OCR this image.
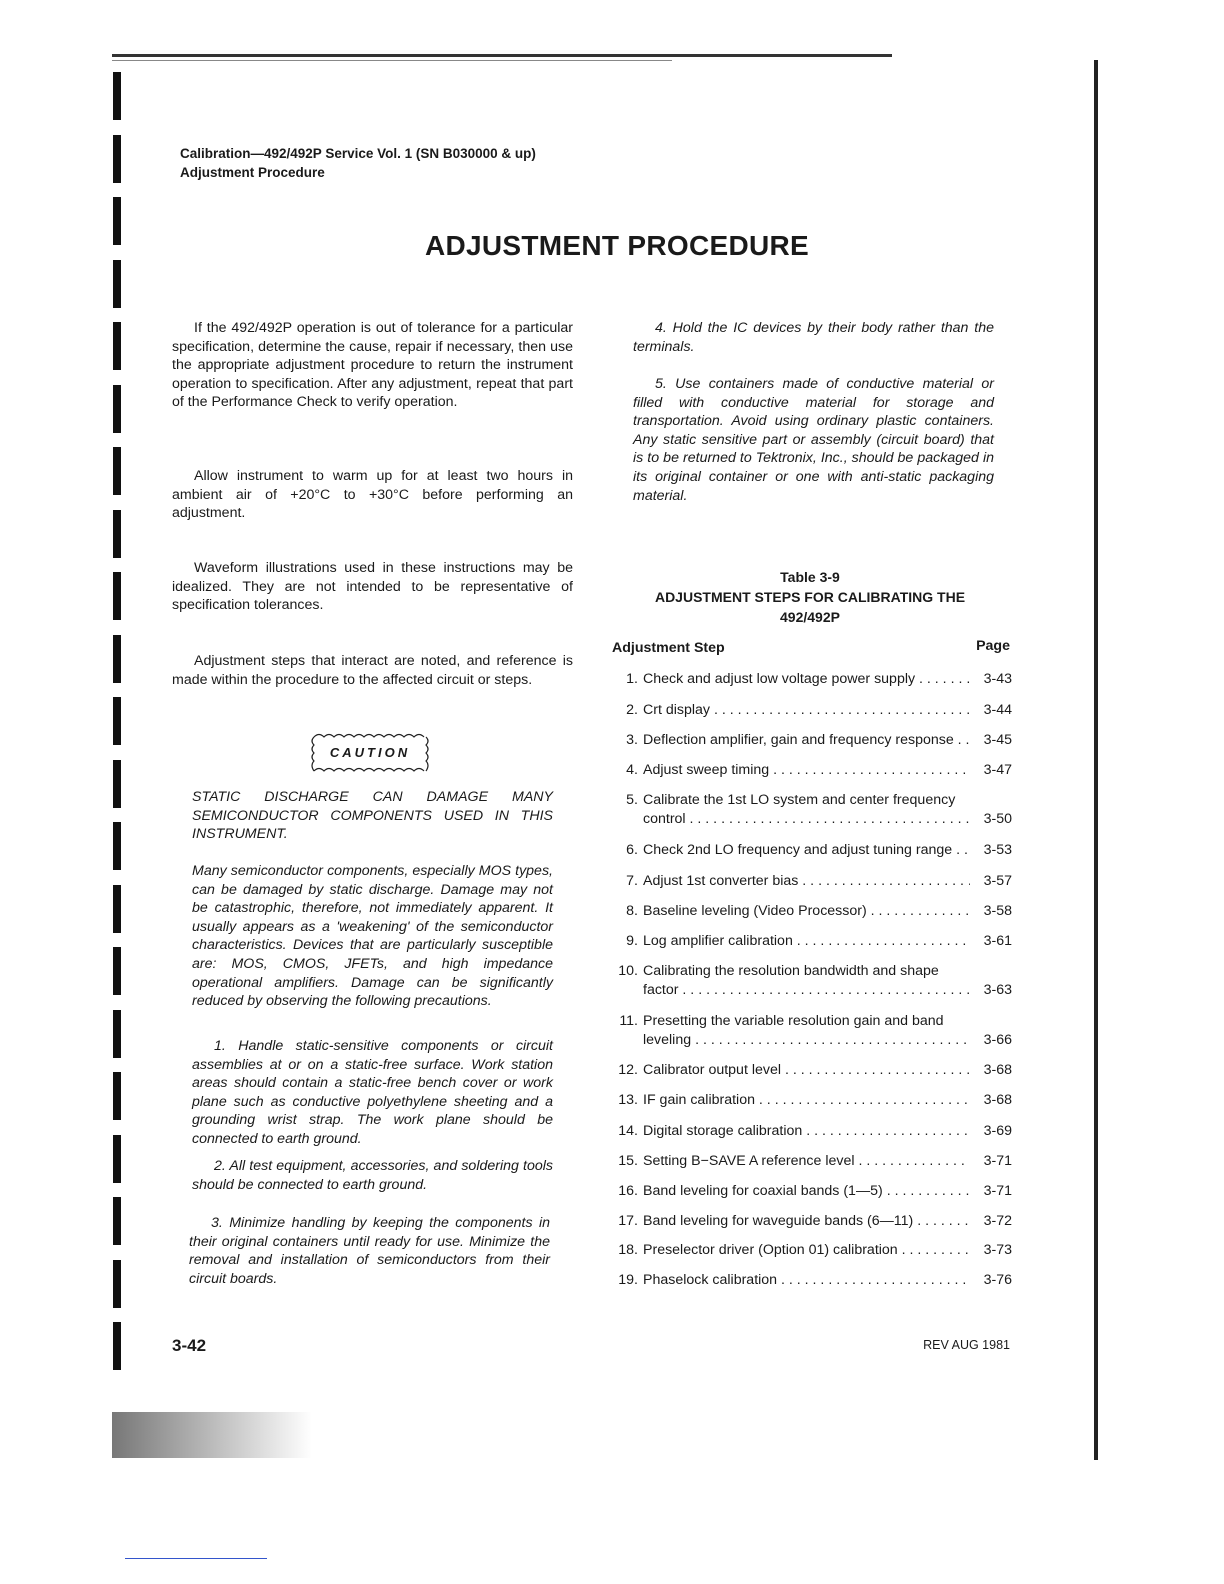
Calibration—492/492P Service Vol. 1 (SN B030000 & up)
Adjustment Procedure
ADJUSTMENT PROCEDURE
If the 492/492P operation is out of tolerance for a particular specification, determine the cause, repair if necessary, then use the appropriate adjustment procedure to return the instrument operation to specification. After any adjustment, repeat that part of the Performance Check to verify operation.
Allow instrument to warm up for at least two hours in ambient air of +20°C to +30°C before performing an adjustment.
Waveform illustrations used in these instructions may be idealized. They are not intended to be representative of specification tolerances.
Adjustment steps that interact are noted, and reference is made within the procedure to the affected circuit or steps.
CAUTION
STATIC DISCHARGE CAN DAMAGE MANY SEMICONDUCTOR COMPONENTS USED IN THIS INSTRUMENT.
Many semiconductor components, especially MOS types, can be damaged by static discharge. Damage may not be catastrophic, therefore, not immediately apparent. It usually appears as a 'weakening' of the semiconductor characteristics. Devices that are particularly susceptible are: MOS, CMOS, JFETs, and high impedance operational amplifiers. Damage can be significantly reduced by observing the following precautions.
1. Handle static-sensitive components or circuit assemblies at or on a static-free surface. Work station areas should contain a static-free bench cover or work plane such as conductive polyethylene sheeting and a grounding wrist strap. The work plane should be connected to earth ground.
2. All test equipment, accessories, and soldering tools should be connected to earth ground.
3. Minimize handling by keeping the components in their original containers until ready for use. Minimize the removal and installation of semiconductors from their circuit boards.
4. Hold the IC devices by their body rather than the terminals.
5. Use containers made of conductive material or filled with conductive material for storage and transportation. Avoid using ordinary plastic containers. Any static sensitive part or assembly (circuit board) that is to be returned to Tektronix, Inc., should be packaged in its original container or one with anti-static packaging material.
Table 3-9
ADJUSTMENT STEPS FOR CALIBRATING THE
492/492P
Adjustment Step	Page
1. Check and adjust low voltage power supply . . .	3-43
2. Crt display . . .	3-44
3. Deflection amplifier, gain and frequency response . . .	3-45
4. Adjust sweep timing . . .	3-47
5. Calibrate the 1st LO system and center frequency
control . . .	3-50
6. Check 2nd LO frequency and adjust tuning range . . .	3-53
7. Adjust 1st converter bias . . .	3-57
8. Baseline leveling (Video Processor) . . .	3-58
9. Log amplifier calibration . . .	3-61
10. Calibrating the resolution bandwidth and shape
factor . . .	3-63
11. Presetting the variable resolution gain and band
leveling . . .	3-66
12. Calibrator output level . . .	3-68
13. IF gain calibration . . .	3-68
14. Digital storage calibration . . .	3-69
15. Setting B−SAVE A reference level . . .	3-71
16. Band leveling for coaxial bands (1—5) . . .	3-71
17. Band leveling for waveguide bands (6—11) . . .	3-72
18. Preselector driver (Option 01) calibration . . .	3-73
19. Phaselock calibration . . .	3-76
3-42	REV AUG 1981
